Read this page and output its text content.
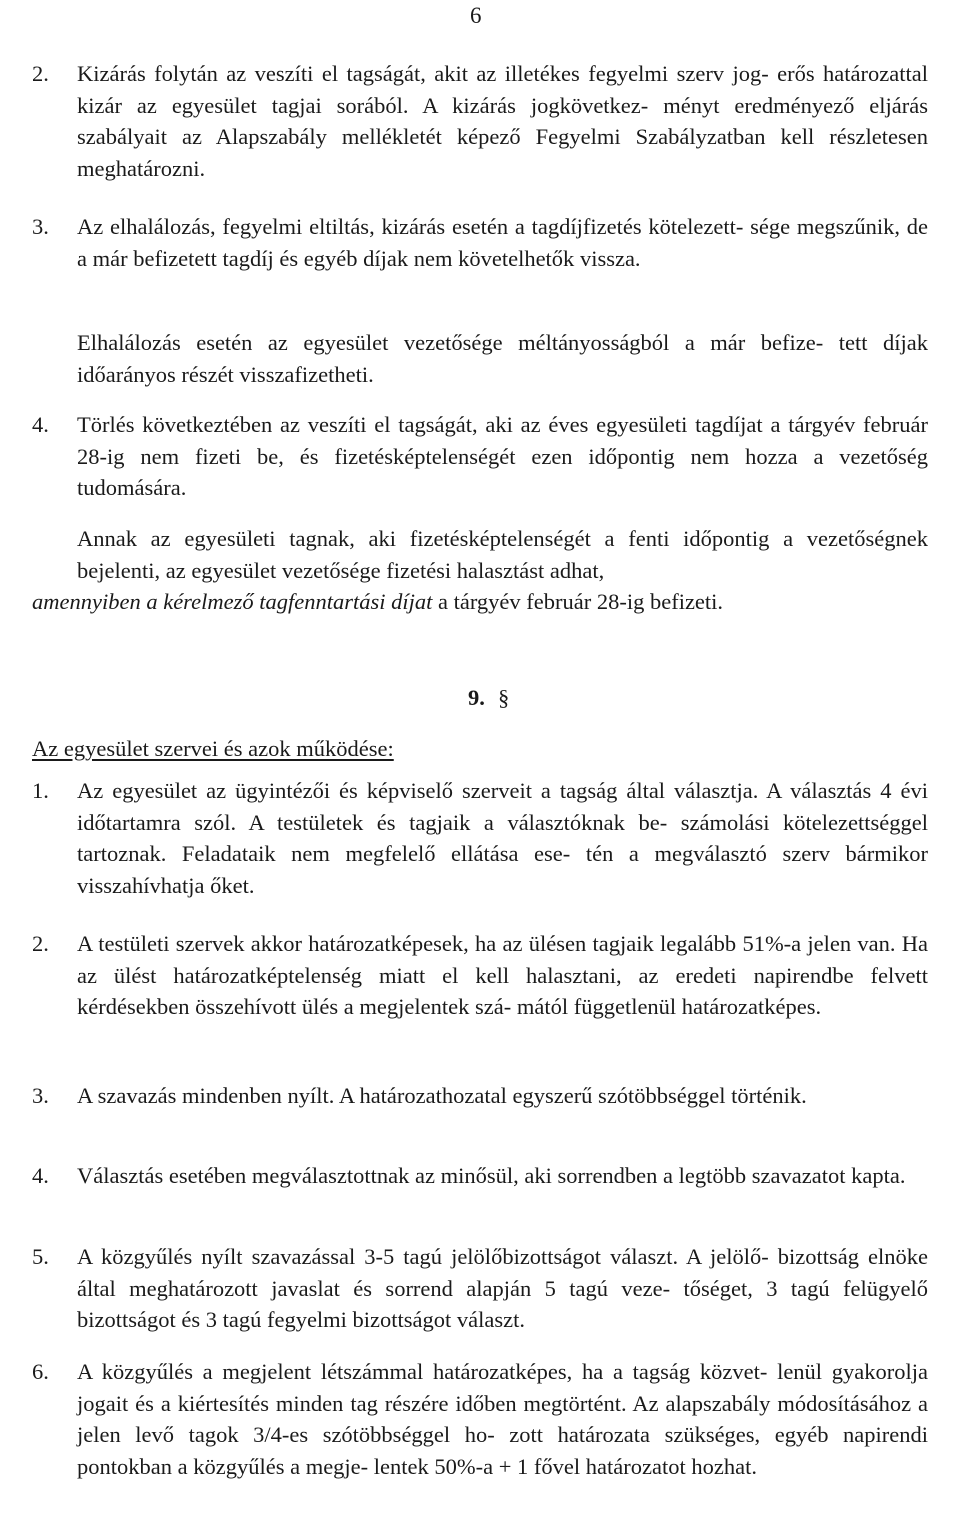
6
2. Kizárás folytán az veszíti el tagságát, akit az illetékes fegyelmi szerv jog- erős határozattal kizár az egyesület tagjai sorából. A kizárás jogkövetkez- ményt eredményező eljárás szabályait az Alapszabály mellékletét képező Fegyelmi Szabályzatban kell részletesen meghatározni.
3. Az elhalálozás, fegyelmi eltiltás, kizárás esetén a tagdíjfizetés kötelezett- sége megszűnik, de a már befizetett tagdíj és egyéb díjak nem követelhetők vissza.
Elhalálozás esetén az egyesület vezetősége méltányosságból a már befize- tett díjak időarányos részét visszafizetheti.
4. Törlés következtében az veszíti el tagságát, aki az éves egyesületi tagdíjat a tárgyév február 28-ig nem fizeti be, és fizetésképtelenségét ezen időpontig nem hozza a vezetőség tudomására.
Annak az egyesületi tagnak, aki fizetésképtelenségét a fenti időpontig a vezetőségnek bejelenti, az egyesület vezetősége fizetési halasztást adhat,
amennyiben a kérelmező tagfenntartási díjat a tárgyév február 28-ig befizeti.
9. §
Az egyesület szervei és azok működése:
1. Az egyesület az ügyintézői és képviselő szerveit a tagság által választja. A választás 4 évi időtartamra szól. A testületek és tagjaik a választóknak be- számolási kötelezettséggel tartoznak. Feladataik nem megfelelő ellátása ese- tén a megválasztó szerv bármikor visszahívhatja őket.
2. A testületi szervek akkor határozatképesek, ha az ülésen tagjaik legalább 51%-a jelen van. Ha az ülést határozatképtelenség miatt el kell halasztani, az eredeti napirendbe felvett kérdésekben összehívott ülés a megjelentek szá- mától függetlenül határozatképes.
3. A szavazás mindenben nyílt. A határozathozatal egyszerű szótöbbséggel történik.
4. Választás esetében megválasztottnak az minősül, aki sorrendben a legtöbb szavazatot kapta.
5. A közgyűlés nyílt szavazással 3-5 tagú jelölőbizottságot választ. A jelölő- bizottság elnöke által meghatározott javaslat és sorrend alapján 5 tagú veze- tőséget, 3 tagú felügyelő bizottságot és 3 tagú fegyelmi bizottságot választ.
6. A közgyűlés a megjelent létszámmal határozatképes, ha a tagság közvet- lenül gyakorolja jogait és a kiértesítés minden tag részére időben megtörtént. Az alapszabály módosításához a jelen levő tagok 3/4-es szótöbbséggel ho- zott határozata szükséges, egyéb napirendi pontokban a közgyűlés a megje- lentek 50%-a + 1 fővel határozatot hozhat.
